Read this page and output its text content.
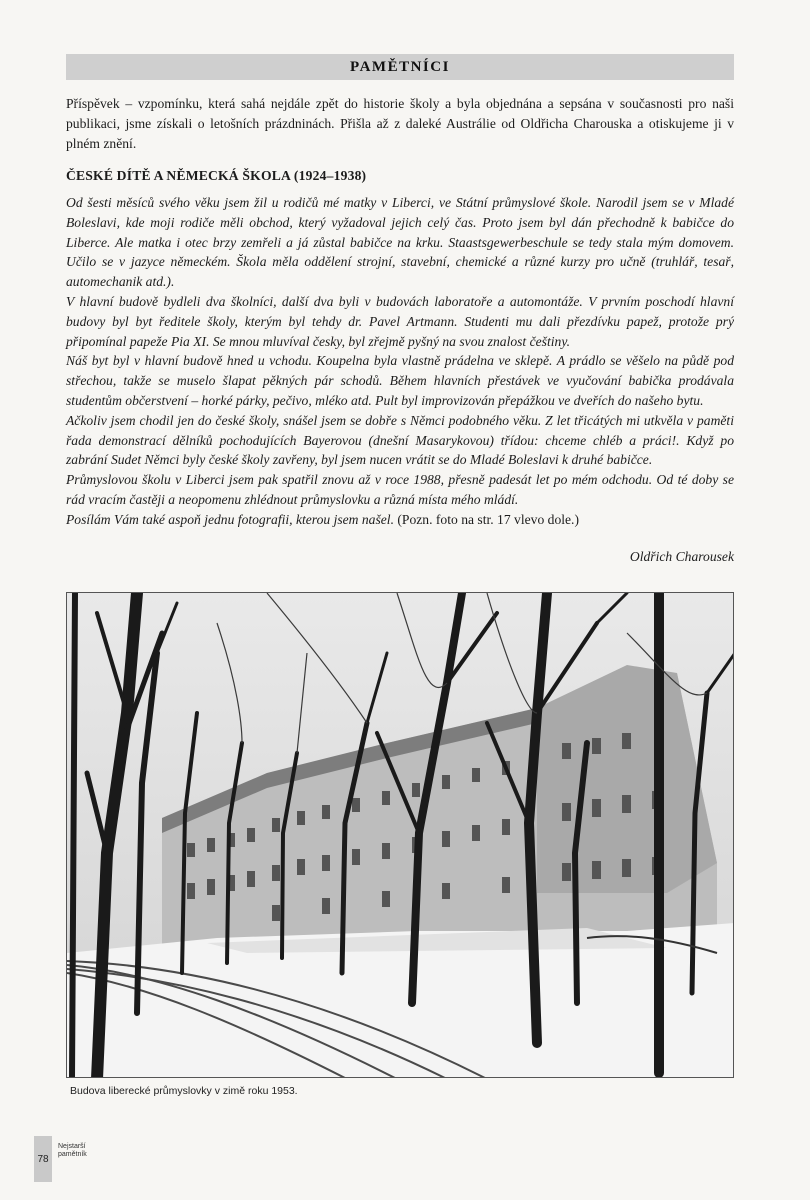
PAMĚTNÍCI

Příspěvek – vzpomínku, která sahá nejdále zpět do historie školy a byla objednána a sepsána v současnosti pro naši publikaci, jsme získali o letošních prázdninách. Přišla až z daleké Austrálie od Oldřicha Charouska a otiskujeme ji v plném znění.

ČESKÉ DÍTĚ A NĚMECKÁ ŠKOLA (1924–1938)

Od šesti měsíců svého věku jsem žil u rodičů mé matky v Liberci, ve Státní průmyslové škole. Narodil jsem se v Mladé Boleslavi, kde moji rodiče měli obchod, který vyžadoval jejich celý čas. Proto jsem byl dán přechodně k babičce do Liberce. Ale matka i otec brzy zemřeli a já zůstal babičce na krku. Staastsgewerbeschule se tedy stala mým domovem. Učilo se v jazyce německém. Škola měla oddělení strojní, stavební, chemické a různé kurzy pro učně (truhlář, tesař, automechanik atd.).

V hlavní budově bydleli dva školníci, další dva byli v budovách laboratoře a automontáže. V prvním poschodí hlavní budovy byl byt ředitele školy, kterým byl tehdy dr. Pavel Artmann. Studenti mu dali přezdívku papež, protože prý připomínal papeže Pia XI. Se mnou mluvíval česky, byl zřejmě pyšný na svou znalost češtiny.

Náš byt byl v hlavní budově hned u vchodu. Koupelna byla vlastně prádelna ve sklepě. A prádlo se věšelo na půdě pod střechou, takže se muselo šlapat pěkných pár schodů. Během hlavních přestávek ve vyučování babička prodávala studentům občerstvení – horké párky, pečivo, mléko atd. Pult byl improvizován přepážkou ve dveřích do našeho bytu.

Ačkoliv jsem chodil jen do české školy, snášel jsem se dobře s Němci podobného věku. Z let třicátých mi utkvěla v paměti řada demonstrací dělníků pochodujících Bayerovou (dnešní Masarykovou) třídou: chceme chléb a práci!. Když po zabrání Sudet Němci byly české školy zavřeny, byl jsem nucen vrátit se do Mladé Boleslavi k druhé babičce.

Průmyslovou školu v Liberci jsem pak spatřil znovu až v roce 1988, přesně padesát let po mém odchodu. Od té doby se rád vracím častěji a neopomenu zhlédnout průmyslovku a různá místa mého mládí.

Posílám Vám také aspoň jednu fotografii, kterou jsem našel. (Pozn. foto na str. 17 vlevo dole.)

Oldřich Charousek
Budova liberecké průmyslovky v zimě roku 1953.
78
Nejstarší
pamětník
